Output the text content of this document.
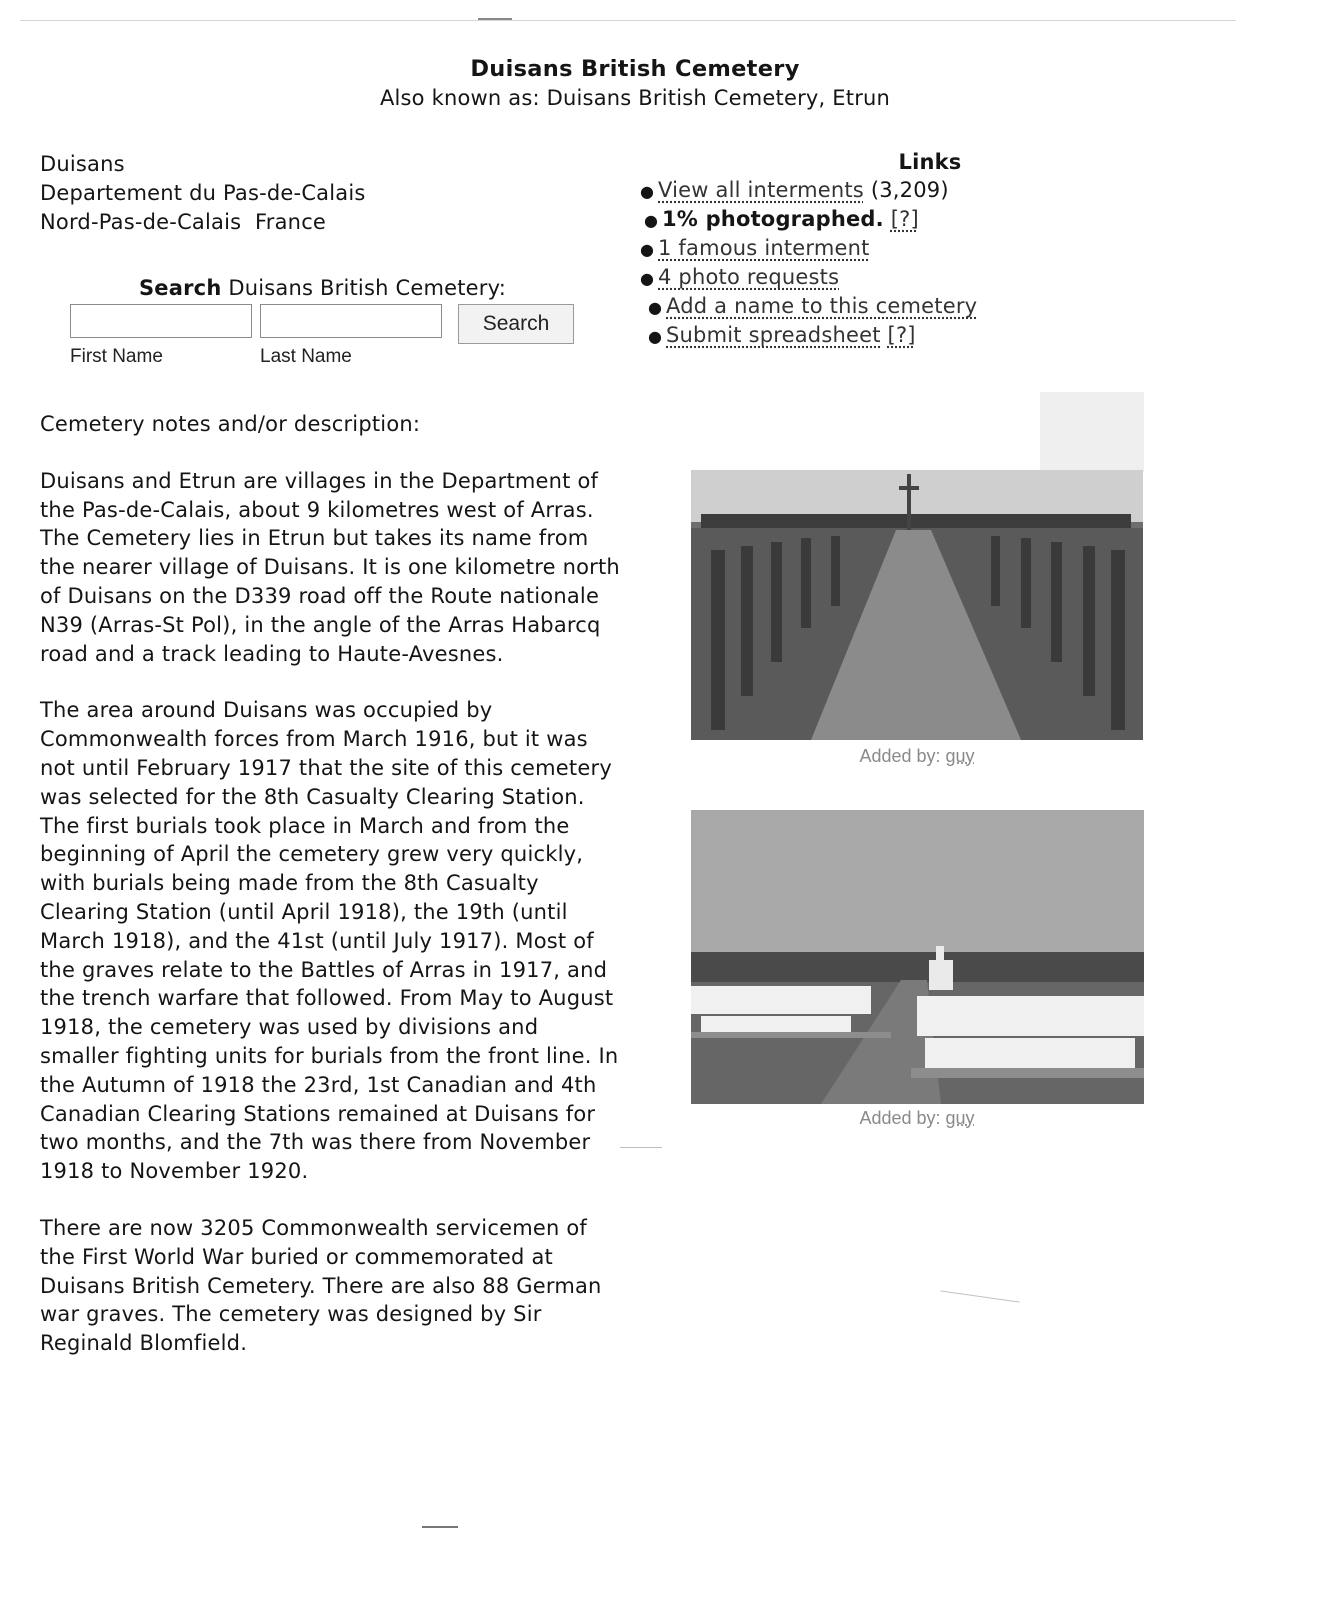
Duisans British Cemetery
Also known as: Duisans British Cemetery, Etrun
Duisans
Departement du Pas-de-Calais
Nord-Pas-de-Calais  France
Search Duisans British Cemetery:
Search
First Name	Last Name
Links
● View all interments (3,209)
● 1% photographed. [?]
● 1 famous interment
● 4 photo requests
● Add a name to this cemetery
● Submit spreadsheet [?]

Cemetery notes and/or description:

Duisans and Etrun are villages in the Department of the Pas-de-Calais, about 9 kilometres west of Arras. The Cemetery lies in Etrun but takes its name from the nearer village of Duisans. It is one kilometre north of Duisans on the D339 road off the Route nationale N39 (Arras-St Pol), in the angle of the Arras Habarcq road and a track leading to Haute-Avesnes.

The area around Duisans was occupied by Commonwealth forces from March 1916, but it was not until February 1917 that the site of this cemetery was selected for the 8th Casualty Clearing Station. The first burials took place in March and from the beginning of April the cemetery grew very quickly, with burials being made from the 8th Casualty Clearing Station (until April 1918), the 19th (until March 1918), and the 41st (until July 1917). Most of the graves relate to the Battles of Arras in 1917, and the trench warfare that followed. From May to August 1918, the cemetery was used by divisions and smaller fighting units for burials from the front line. In the Autumn of 1918 the 23rd, 1st Canadian and 4th Canadian Clearing Stations remained at Duisans for two months, and the 7th was there from November 1918 to November 1920.

There are now 3205 Commonwealth servicemen of the First World War buried or commemorated at Duisans British Cemetery. There are also 88 German war graves. The cemetery was designed by Sir Reginald Blomfield.

Added by: guy
Added by: guy
